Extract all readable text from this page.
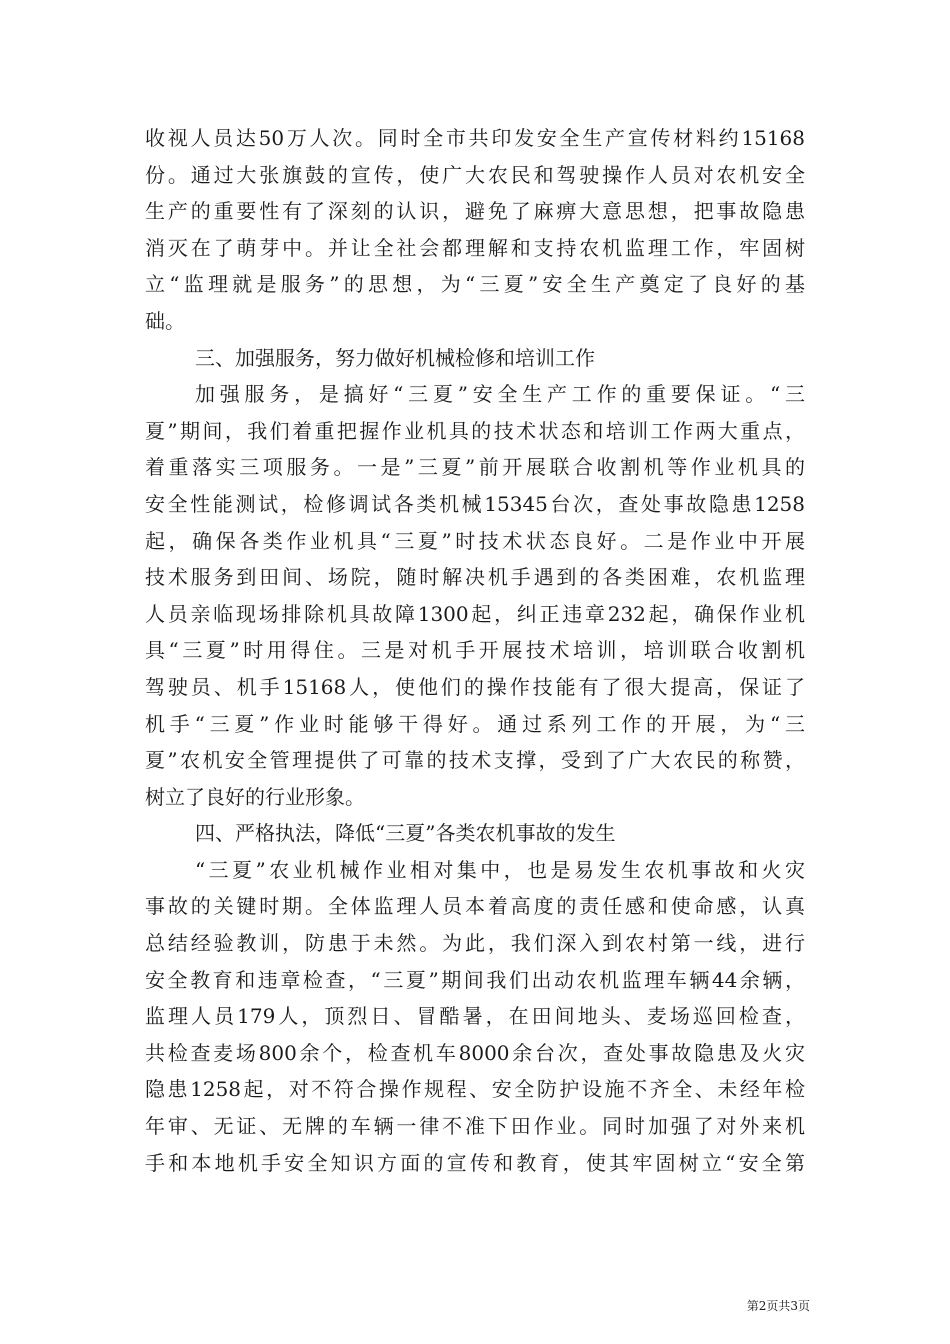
收视人员达50万人次。同时全市共印发安全生产宣传材料约15168
份。通过大张旗鼓的宣传，使广大农民和驾驶操作人员对农机安全
生产的重要性有了深刻的认识，避免了麻痹大意思想，把事故隐患
消灭在了萌芽中。并让全社会都理解和支持农机监理工作，牢固树
立“监理就是服务”的思想，为“三夏”安全生产奠定了良好的基
础。
三、加强服务，努力做好机械检修和培训工作
加强服务，是搞好“三夏”安全生产工作的重要保证。“三
夏”期间，我们着重把握作业机具的技术状态和培训工作两大重点，
着重落实三项服务。一是”三夏”前开展联合收割机等作业机具的
安全性能测试，检修调试各类机械15345台次，查处事故隐患1258
起，确保各类作业机具“三夏”时技术状态良好。二是作业中开展
技术服务到田间、场院，随时解决机手遇到的各类困难，农机监理
人员亲临现场排除机具故障1300起，纠正违章232起，确保作业机
具“三夏”时用得住。三是对机手开展技术培训，培训联合收割机
驾驶员、机手15168人，使他们的操作技能有了很大提高，保证了
机手“三夏”作业时能够干得好。通过系列工作的开展，为“三
夏”农机安全管理提供了可靠的技术支撑，受到了广大农民的称赞，
树立了良好的行业形象。
四、严格执法，降低“三夏”各类农机事故的发生
“三夏”农业机械作业相对集中，也是易发生农机事故和火灾
事故的关键时期。全体监理人员本着高度的责任感和使命感，认真
总结经验教训，防患于未然。为此，我们深入到农村第一线，进行
安全教育和违章检查，“三夏”期间我们出动农机监理车辆44余辆，
监理人员179人，顶烈日、冒酷暑，在田间地头、麦场巡回检查，
共检查麦场800余个，检查机车8000余台次，查处事故隐患及火灾
隐患1258起，对不符合操作规程、安全防护设施不齐全、未经年检
年审、无证、无牌的车辆一律不准下田作业。同时加强了对外来机
手和本地机手安全知识方面的宣传和教育，使其牢固树立“安全第
第2页共3页
